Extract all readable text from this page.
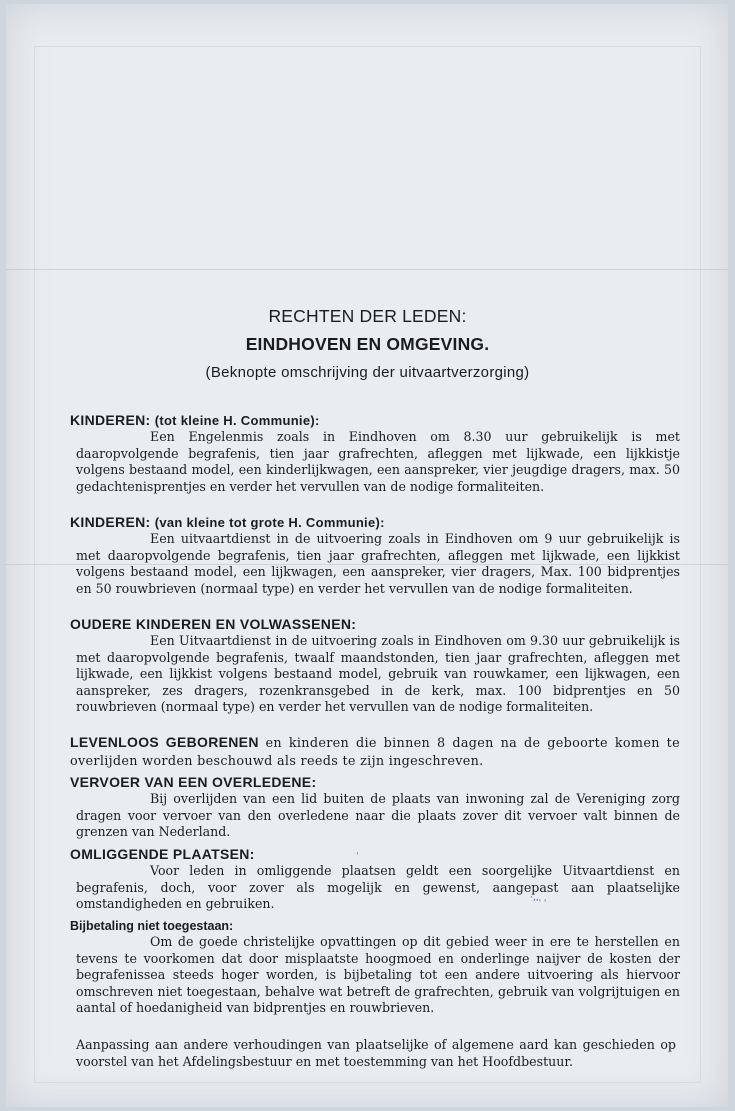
RECHTEN DER LEDEN:
EINDHOVEN EN OMGEVING.
(Beknopte omschrijving der uitvaartverzorging)
KINDEREN: (tot kleine H. Communie):
Een Engelenmis zoals in Eindhoven om 8.30 uur gebruikelijk is met daaropvolgende begrafenis, tien jaar grafrechten, afleggen met lijkwade, een lijkkistje volgens bestaand model, een kinderlijkwagen, een aanspreker, vier jeugdige dragers, max. 50 gedachtenisprentjes en verder het vervullen van de nodige formaliteiten.
KINDEREN: (van kleine tot grote H. Communie):
Een uitvaartdienst in de uitvoering zoals in Eindhoven om 9 uur gebruikelijk is met daaropvolgende begrafenis, tien jaar grafrechten, afleggen met lijkwade, een lijkkist volgens bestaand model, een lijkwagen, een aanspreker, vier dragers, Max. 100 bidprentjes en 50 rouwbrieven (normaal type) en verder het vervullen van de nodige formaliteiten.
OUDERE KINDEREN EN VOLWASSENEN:
Een Uitvaartdienst in de uitvoering zoals in Eindhoven om 9.30 uur gebruikelijk is met daaropvolgende begrafenis, twaalf maandstonden, tien jaar grafrechten, afleggen met lijkwade, een lijkkist volgens bestaand model, gebruik van rouwkamer, een lijkwagen, een aanspreker, zes dragers, rozenkransgebed in de kerk, max. 100 bidprentjes en 50 rouwbrieven (normaal type) en verder het vervullen van de nodige formaliteiten.
LEVENLOOS GEBORENEN en kinderen die binnen 8 dagen na de geboorte komen te overlijden worden beschouwd als reeds te zijn ingeschreven.
VERVOER VAN EEN OVERLEDENE:
Bij overlijden van een lid buiten de plaats van inwoning zal de Vereniging zorg dragen voor vervoer van den overledene naar die plaats zover dit vervoer valt binnen de grenzen van Nederland.
OMLIGGENDE PLAATSEN:
Voor leden in omliggende plaatsen geldt een soorgelijke Uitvaartdienst en begrafenis, doch, voor zover als mogelijk en gewenst, aangepast aan plaatselijke omstandigheden en gebruiken.
Bijbetaling niet toegestaan:
Om de goede christelijke opvattingen op dit gebied weer in ere te herstellen en tevens te voorkomen dat door misplaatste hoogmoed en onderlinge naijver de kosten der begrafenissea steeds hoger worden, is bijbetaling tot een andere uitvoering als hiervoor omschreven niet toegestaan, behalve wat betreft de grafrechten, gebruik van volgrijtuigen en aantal of hoedanigheid van bidprentjes en rouwbrieven.
Aanpassing aan andere verhoudingen van plaatselijke of algemene aard kan geschieden op voorstel van het Afdelingsbestuur en met toestemming van het Hoofdbestuur.
ˌ
·‚‚ˌ ˌ
